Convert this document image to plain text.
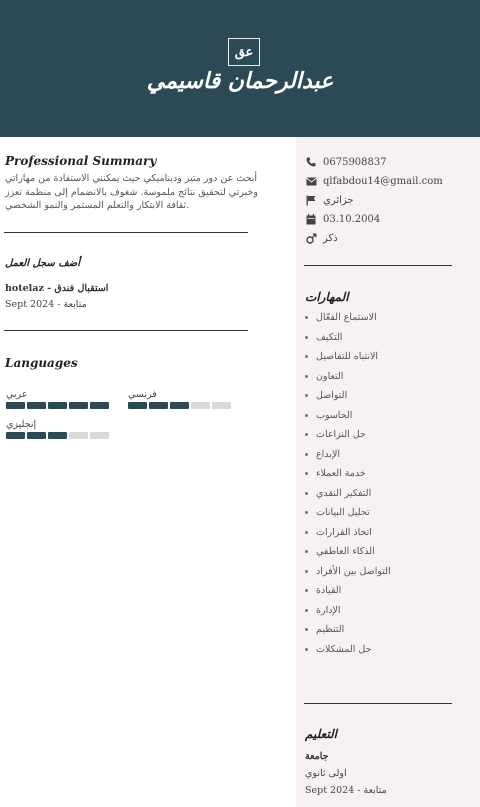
عق
عبدالرحمان قاسيمي
0675908837
qlfabdou14@gmail.com
جزائري
03.10.2004
ذكر
المهارات
الاستماع الفعّال
التكيف
الانتباه للتفاصيل
التعاون
التواصل
الحاسوب
حل النزاعات
الإبداع
خدمة العملاء
التفكير النقدي
تحليل البيانات
اتخاذ القرارات
الذكاء العاطفي
التواصل بين الأفراد
القيادة
الإدارة
التنظيم
حل المشكلات
التعليم
جامعة
اولى ثانوي
Sept 2024 - متابعة
Professional Summary
أبحث عن دور متير وديناميكي حيث يمكنني الاستفادة من مهاراتي وخبرتي لتحقيق نتائج ملموسة. شغوف بالانضمام إلى منظمة تعزز ثقافة الابتكار والتعلم المستمر والنمو الشخصي.
أضف سجل العمل
hotelaz - استقبال فندق
Sept 2024 - متابعة
Languages
عربي	فرنسي
إنجليزي
